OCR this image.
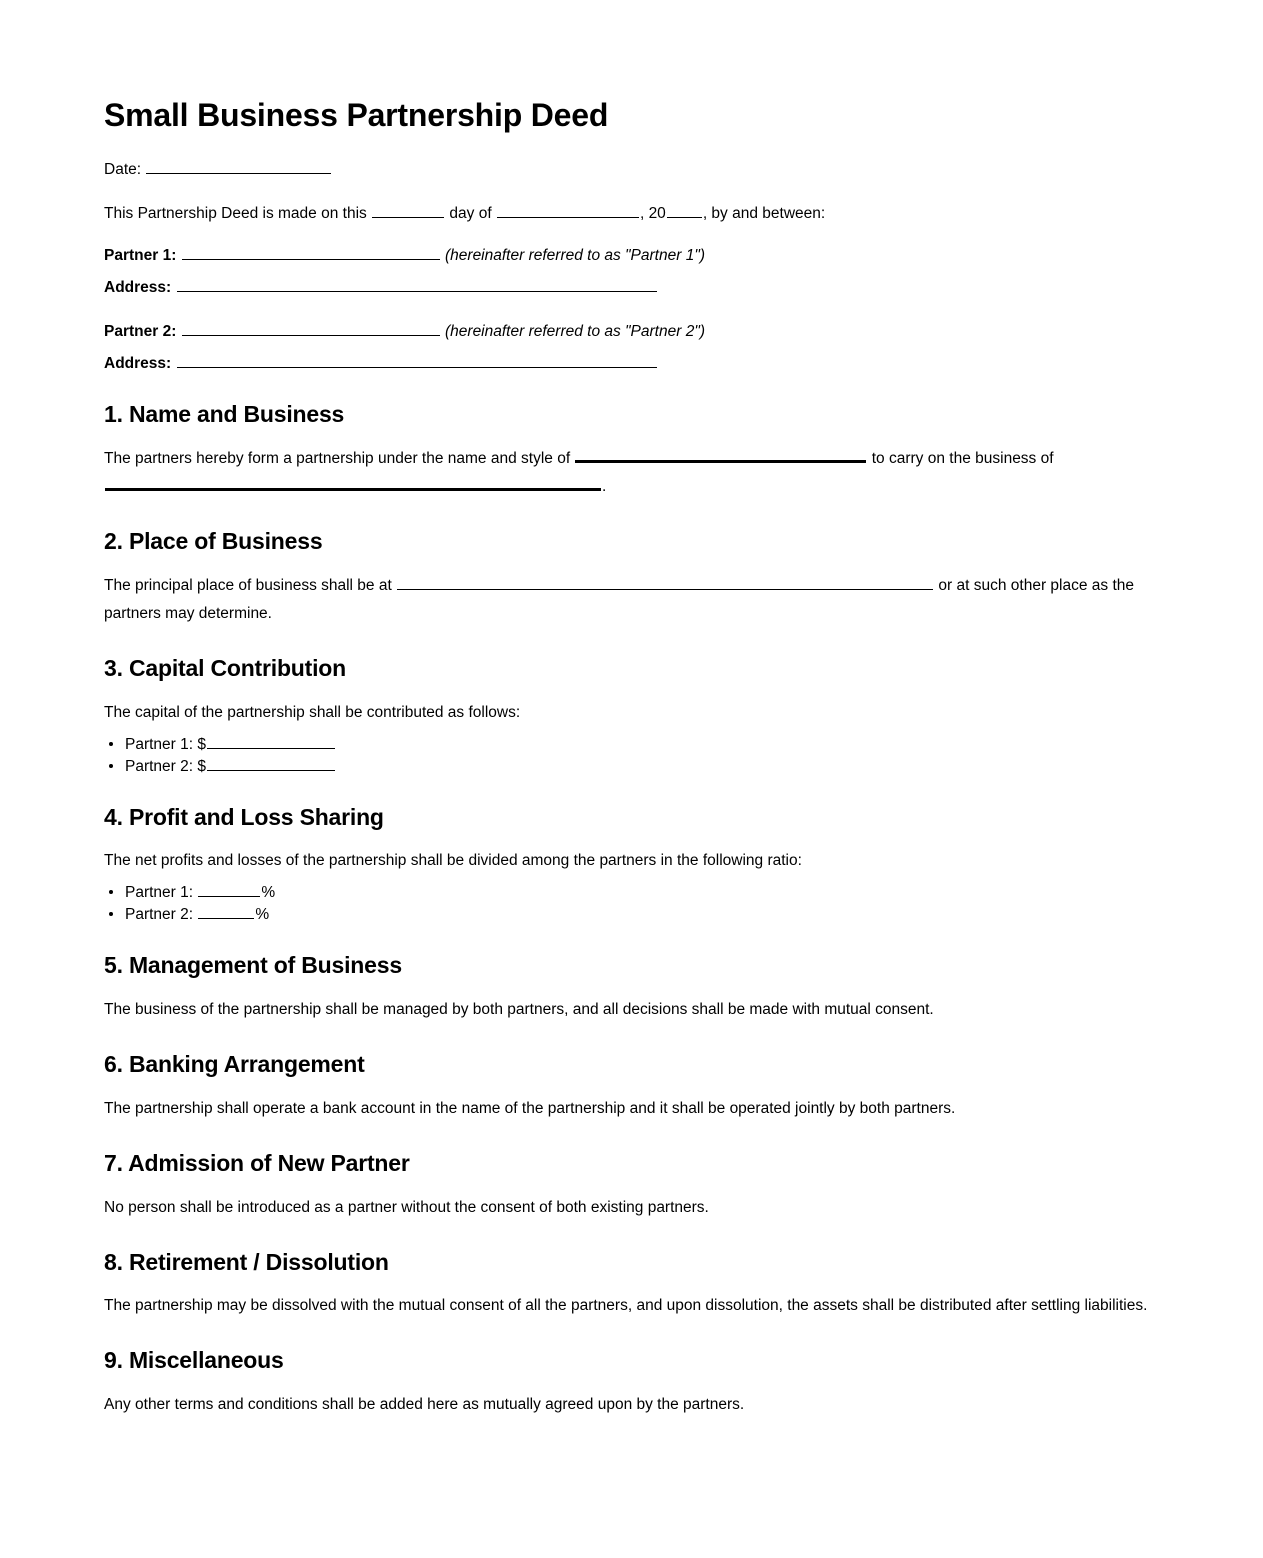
Small Business Partnership Deed

Date:

This Partnership Deed is made on this	day of	, 20 , by and between:

Partner 1:	(hereinafter referred to as "Partner 1")

Address:

Partner 2:	(hereinafter referred to as "Partner 2")

Address:

1. Name and Business

The partners hereby form a partnership under the name and style of	to carry on the business of
.

2. Place of Business

The principal place of business shall be at	or at such other place as the partners may determine.

3. Capital Contribution

The capital of the partnership shall be contributed as follows:

Partner 1: $
Partner 2: $
4. Profit and Loss Sharing

The net profits and losses of the partnership shall be divided among the partners in the following ratio:

Partner 1:	%
Partner 2:	%
5. Management of Business

The business of the partnership shall be managed by both partners, and all decisions shall be made with mutual consent.

6. Banking Arrangement

The partnership shall operate a bank account in the name of the partnership and it shall be operated jointly by both partners.

7. Admission of New Partner

No person shall be introduced as a partner without the consent of both existing partners.

8. Retirement / Dissolution

The partnership may be dissolved with the mutual consent of all the partners, and upon dissolution, the assets shall be distributed after settling liabilities.

9. Miscellaneous

Any other terms and conditions shall be added here as mutually agreed upon by the partners.
